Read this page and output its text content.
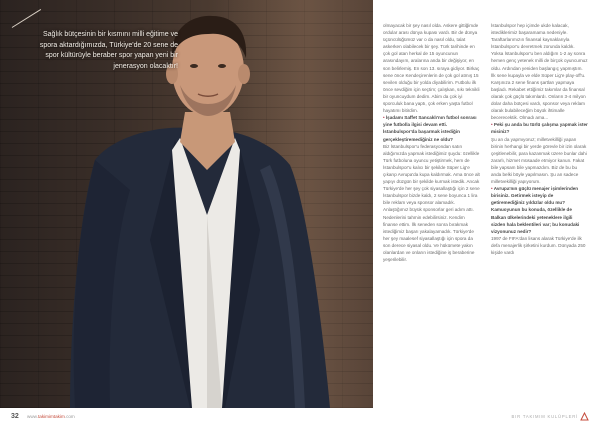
Sağlık bütçesinin bir kısmını milli eğitime ve spora aktardığımızda, Türkiye'de 20 sene de spor kültürüyle beraber spor yapan yeni bir jenerasyon olacaktır!

olmayacak bir şey nasıl olda. Askere gittiğimde ordular arası dünya kupası vardı. Bir de dünya üçüncülüğümüz var o da nasıl oldu, talat askerken olabilecek bir şey. Türk tarihinde en çok gol atan herkal de 15 oyuncunun arasındayım, aralarına anda bir değişiyor, en son belirlemiş. En son 13. sıraya gidiyor. Birkaç sene önce Kendeçirenlerin de çok gol atmış 15 sevilen olduğu bir yolda diyabilirim. Futbolu ilk önce sevdiğim için seçtim; çalışkan, sıkı teknikli bir oyuncuydum dedim. Abim da çok iyi sporculuk bana yaptı, çok erken yaşta futbol hayatımı bitirdim.

• İşadamı Saffet Sancaklı'nın futbol sonrası yine futbolla ilgisi devam etti. İstanbulspor'da başarmak istediğin gerçekleştiremediğiniz ne oldu?

Biz İstanbulspor'u federasyondan satın aldığımızda yapmak istediğimiz şuydu: özellikle Türk futboluna oyuncu yetiştirmek, hem de İstanbulspor'u kalıcı bir şekilde Süper Lig'e çıkarıp Avrupa'da kupa kaldırmak. Ama önce alt yapıyı düzgün bir şekilde kurmak istedik. Ancak Türkiye'de her şey çok siyasallaştığı için 2 sene İstanbulspor bizde kaldı, 2 sene boyunca 1 lira bile reklam veya sponsor alamadık. Anlaştığımız büyük sponsorlar geri adım attı. Nedenlerini tahmin edebilirsiniz. Kendim finanse ettim. İlk seneden sonra bırakmak istediğimiz başarı yakalayamadık. Türkiye'de her şey maalesef siyasallaştığı için spora da son derece siyasal oldu. Ve hükümete yakın olanlardan ve onların istediğine iş beraberine yeşerilebilir.

İstanbulspor hep içimde ukde kalacak, istediklerimiz başaramama nedeniyle. Taraftarlarımızın finansal kaynaklarıyla İstanbulspor'u devretmek zorunda kaldık. Yoksa İstanbulspor'u ben aldığım 1-2 ay sonra hemen genç yetenek milli de birçok oyuncumuz oldu. Ardından yeniden başlangıç yapmıştım. İlk sene kupayla ve elde Süper Lig'e play-off'u. Karşınıza 2 sene finans şartları yapmaya başladı. Rekabet ettiğimiz takımlar da finansal olarak çok güçlü takımlardı. Onların 3-4 milyon dolar daha bütçesi vardı, sponsor veya reklam olarak bulabileceğim büyük ihtimalle becerecektik. Olmadı ama...

• Peki şu anda bu türlü çalışma yapmak ister misiniz?

Şu an da yapmıyoruz; milletvekilliği yapan birinin herhangi bir yerde görevle bir izin olarak çeşitlenebilir, para kazanmak üzere bunlar dahi zararlı, hizmet müsaade etmiyor kanun. Fakat bile yapsam bile yapmazdım. Biz de bu bu anda belki böyle yapılmasın. Şu an sadece milletvekilliği yapıyorum.

• Avrupa'nın güçlü menajer işimlerinden birisiniz. Getirmek isteyip de getiremediğiniz yıldızlar oldu mu? Kamuoyunun bu konuda, özellikle de Balkan ülkelerindeki yeteneklere ilgili sizden hala beklentileri var; bu konudaki vizyonunuz nedir?

1997 de FIFA'dan lisans alarak Türkiye'de ilk defa menajerlik şirketini kurdum. Dünyada 250 kişide vardı

32 www.takimimtakim.com	BIR TAKIMIM KULÜPLERİ
